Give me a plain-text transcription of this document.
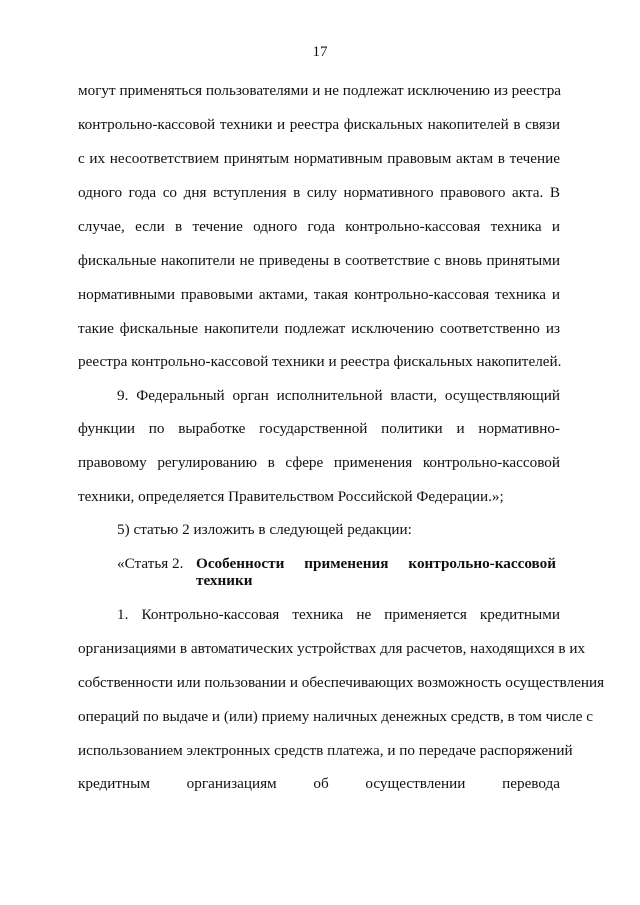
17
могут применяться пользователями и не подлежат исключению из реестра
контрольно-кассовой техники и реестра фискальных накопителей в связи
с их несоответствием принятым нормативным правовым актам в течение
одного года со дня вступления в силу нормативного правового акта. В
случае, если в течение одного года контрольно-кассовая техника и
фискальные накопители не приведены в соответствие с вновь принятыми
нормативными правовыми актами, такая контрольно-кассовая техника и
такие фискальные накопители подлежат исключению соответственно из
реестра контрольно-кассовой техники и реестра фискальных накопителей.
9. Федеральный орган исполнительной власти, осуществляющий
функции по выработке государственной политики и нормативно-
правовому регулированию в сфере применения контрольно-кассовой
техники, определяется Правительством Российской Федерации.»;
5) статью 2 изложить в следующей редакции:
«Статья 2. Особенности применения контрольно-кассовой
техники
1. Контрольно-кассовая техника не применяется кредитными
организациями в автоматических устройствах для расчетов, находящихся в их
собственности или пользовании и обеспечивающих возможность осуществления
операций по выдаче и (или) приему наличных денежных средств, в том числе с
использованием электронных средств платежа, и по передаче распоряжений
кредитным организациям об осуществлении перевода
